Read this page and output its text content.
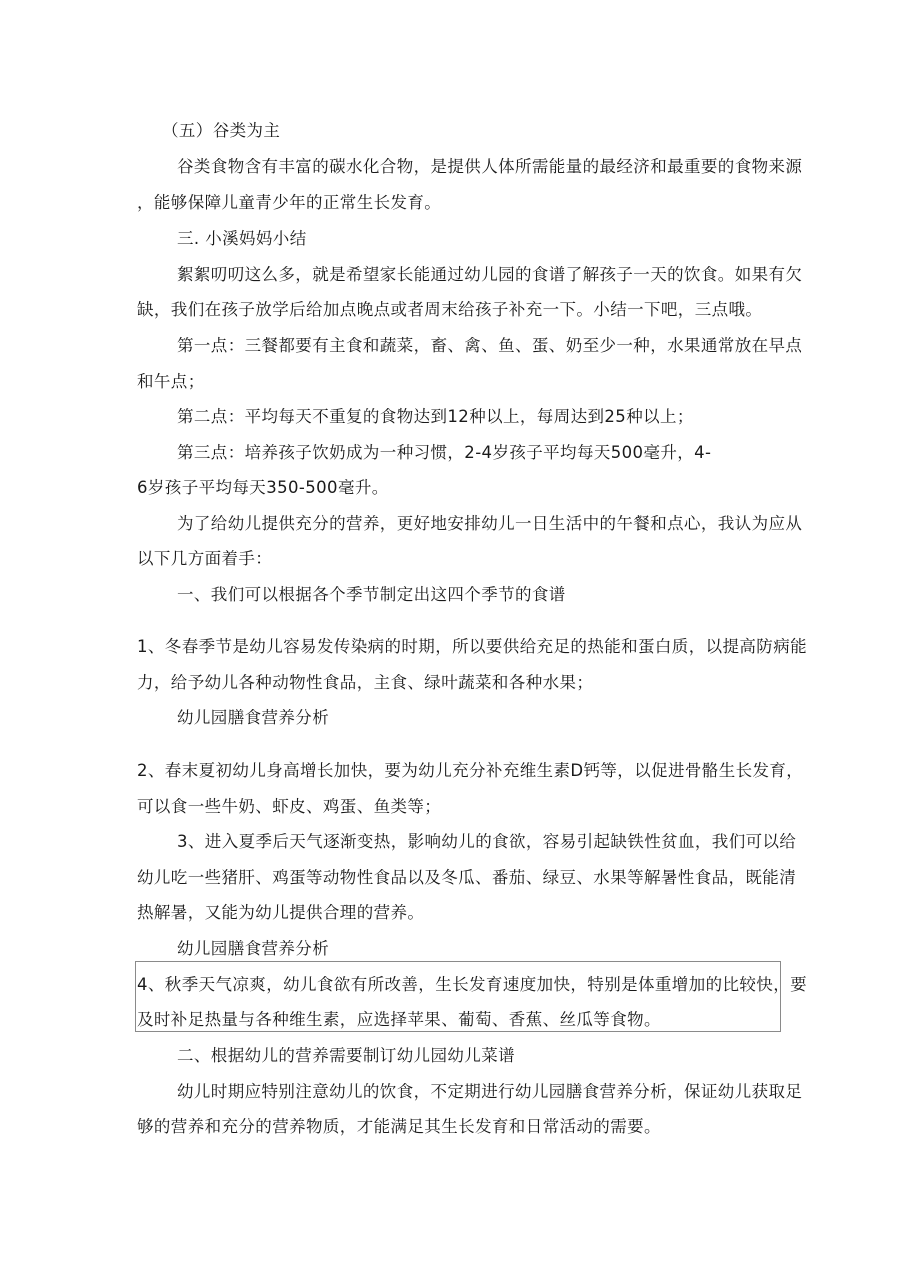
（五）谷类为主

谷类食物含有丰富的碳水化合物，是提供人体所需能量的最经济和最重要的食物来源

，能够保障儿童青少年的正常生长发育。

三. 小溪妈妈小结

絮絮叨叨这么多，就是希望家长能通过幼儿园的食谱了解孩子一天的饮食。如果有欠

缺，我们在孩子放学后给加点晚点或者周末给孩子补充一下。小结一下吧，三点哦。

第一点：三餐都要有主食和蔬菜，畜、禽、鱼、蛋、奶至少一种，水果通常放在早点

和午点；

第二点：平均每天不重复的食物达到12种以上，每周达到25种以上；

第三点：培养孩子饮奶成为一种习惯，2-4岁孩子平均每天500毫升，4-

6岁孩子平均每天350-500毫升。

为了给幼儿提供充分的营养，更好地安排幼儿一日生活中的午餐和点心，我认为应从

以下几方面着手：

一、我们可以根据各个季节制定出这四个季节的食谱

1、冬春季节是幼儿容易发传染病的时期，所以要供给充足的热能和蛋白质，以提高防病能

力，给予幼儿各种动物性食品，主食、绿叶蔬菜和各种水果；

幼儿园膳食营养分析

2、春末夏初幼儿身高增长加快，要为幼儿充分补充维生素D钙等，以促进骨骼生长发育，

可以食一些牛奶、虾皮、鸡蛋、鱼类等；

3、进入夏季后天气逐渐变热，影响幼儿的食欲，容易引起缺铁性贫血，我们可以给

幼儿吃一些猪肝、鸡蛋等动物性食品以及冬瓜、番茄、绿豆、水果等解暑性食品，既能清

热解暑，又能为幼儿提供合理的营养。

幼儿园膳食营养分析

4、秋季天气凉爽，幼儿食欲有所改善，生长发育速度加快，特别是体重增加的比较快，要

及时补足热量与各种维生素，应选择苹果、葡萄、香蕉、丝瓜等食物。

二、根据幼儿的营养需要制订幼儿园幼儿菜谱

幼儿时期应特别注意幼儿的饮食，不定期进行幼儿园膳食营养分析，保证幼儿获取足

够的营养和充分的营养物质，才能满足其生长发育和日常活动的需要。
